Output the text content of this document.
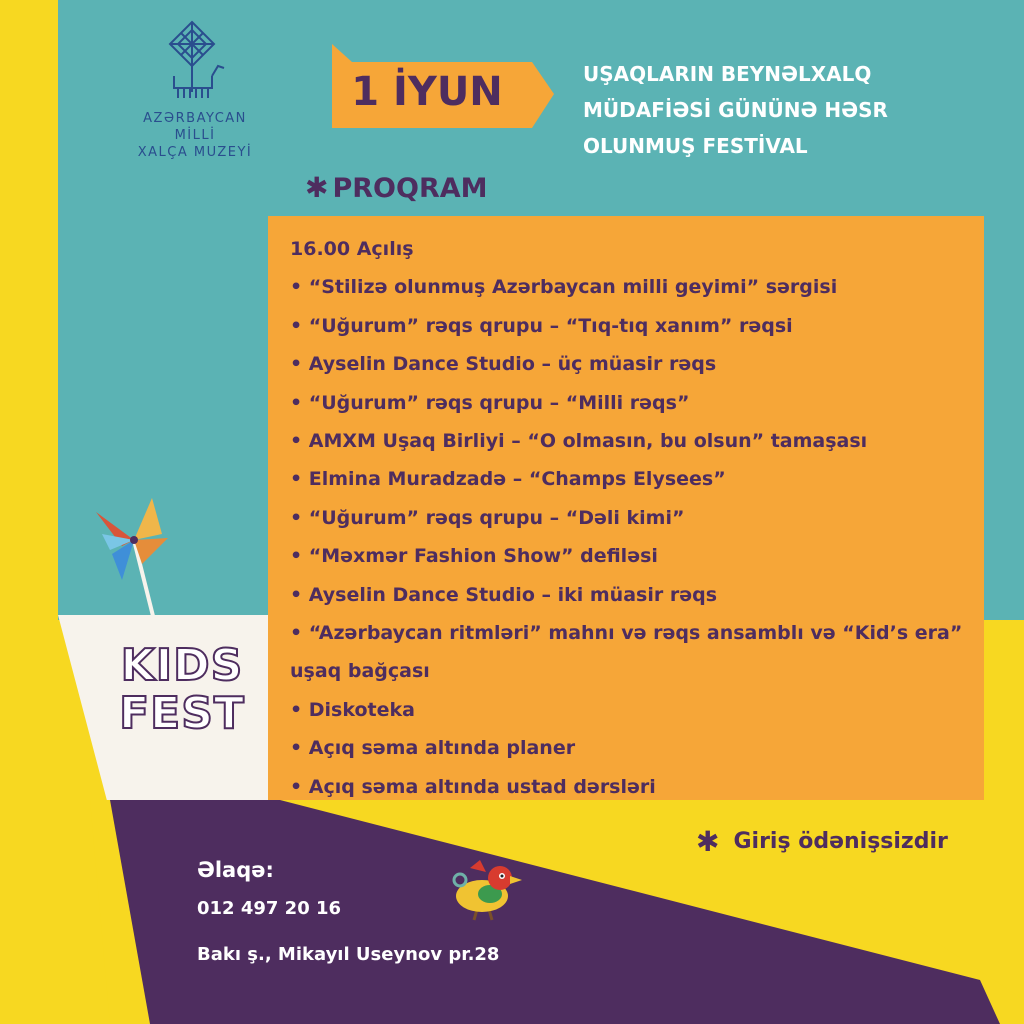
AZƏRBAYCAN MİLLİ
XALÇA MUZEYİ
1 İYUN	UŞAQLARIN BEYNƏLXALQ
MÜDAFİƏSİ GÜNÜNƏ HƏSR
OLUNMUŞ FESTİVAL
✱ PROQRAM
16.00 Açılış
• “Stilizə olunmuş Azərbaycan milli geyimi” sərgisi
• “Uğurum” rəqs qrupu – “Tıq-tıq xanım” rəqsi
• Ayselin Dance Studio – üç müasir rəqs
• “Uğurum” rəqs qrupu – “Milli rəqs”
• AMXM Uşaq Birliyi – “O olmasın, bu olsun” tamaşası
• Elmina Muradzadə – “Champs Elysees”
• “Uğurum” rəqs qrupu – “Dəli kimi”
• “Məxmər Fashion Show” defiləsi
• Ayselin Dance Studio – iki müasir rəqs
• “Azərbaycan ritmləri” mahnı və rəqs ansamblı və “Kid’s era” uşaq bağçası
• Diskoteka
• Açıq səma altında planer
• Açıq səma altında ustad dərsləri
KIDS
FEST
✱ Giriş ödənişsizdir
Əlaqə:
012 497 20 16
Bakı ş., Mikayıl Useynov pr.28
